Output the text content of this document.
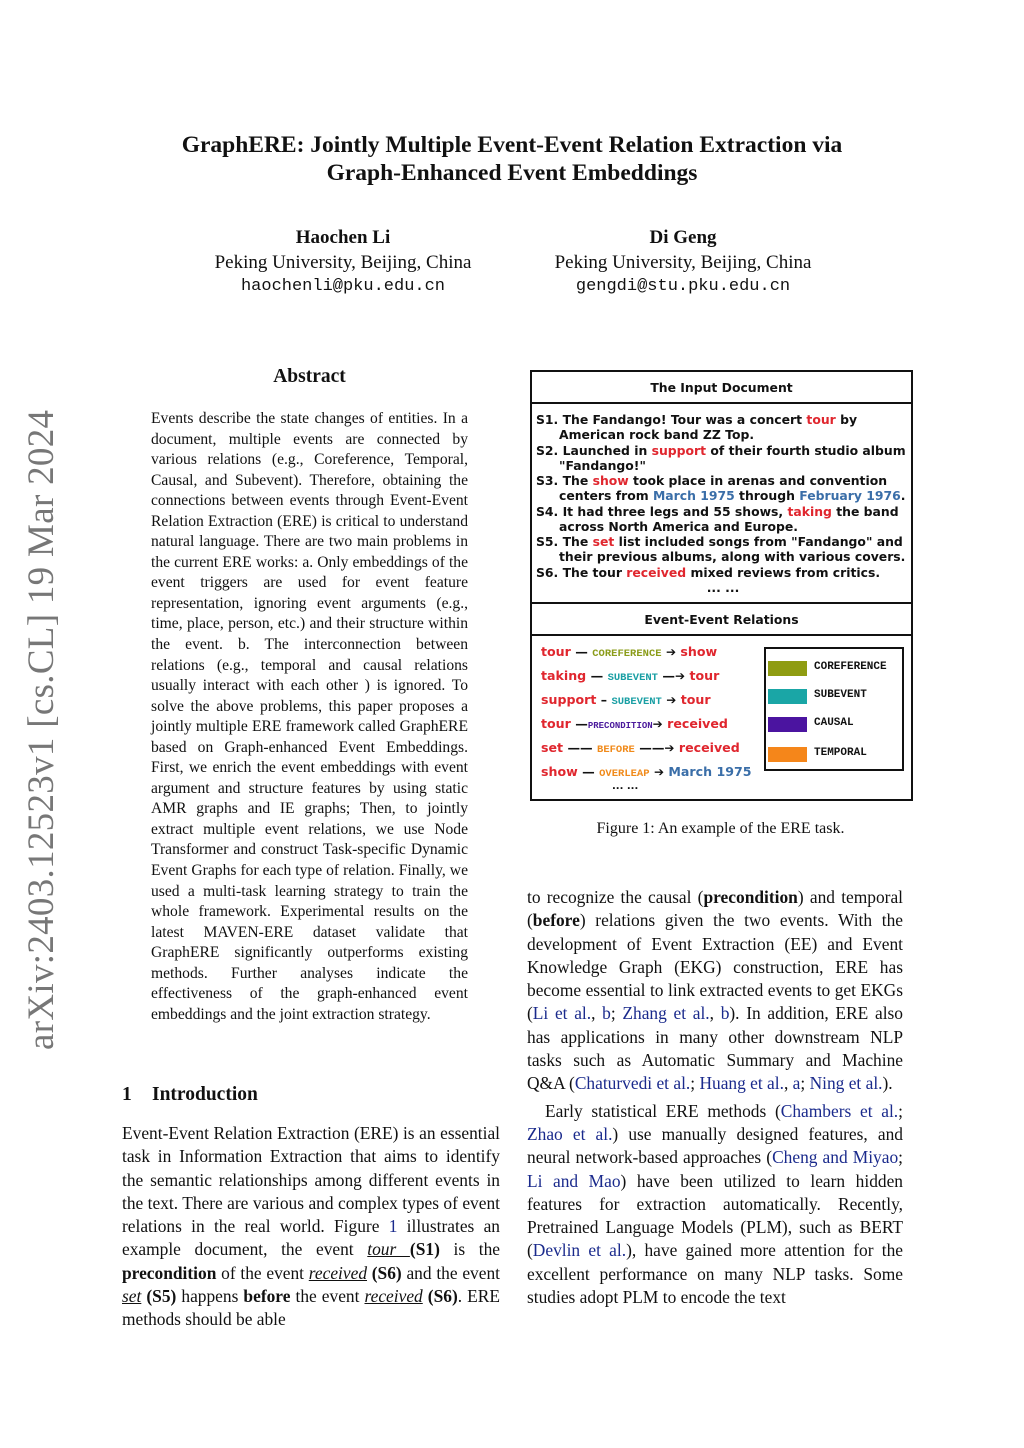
arXiv:2403.12523v1 [cs.CL] 19 Mar 2024
GraphERE: Jointly Multiple Event-Event Relation Extraction via
Graph-Enhanced Event Embeddings
Haochen Li
Peking University, Beijing, China
haochenli@pku.edu.cn
Di Geng
Peking University, Beijing, China
gengdi@stu.pku.edu.cn
Abstract

Events describe the state changes of entities. In a document, multiple events are connected by various relations (e.g., Coreference, Temporal, Causal, and Subevent). Therefore, obtaining the connections between events through Event-Event Relation Extraction (ERE) is critical to understand natural language. There are two main problems in the current ERE works: a. Only embeddings of the event triggers are used for event feature representation, ignoring event arguments (e.g., time, place, person, etc.) and their structure within the event. b. The interconnection between relations (e.g., temporal and causal relations usually interact with each other ) is ignored. To solve the above problems, this paper proposes a jointly multiple ERE framework called GraphERE based on Graph-enhanced Event Embeddings. First, we enrich the event embeddings with event argument and structure features by using static AMR graphs and IE graphs; Then, to jointly extract multiple event relations, we use Node Transformer and construct Task-specific Dynamic Event Graphs for each type of relation. Finally, we used a multi-task learning strategy to train the whole framework. Experimental results on the latest MAVEN-ERE dataset validate that GraphERE significantly outperforms existing methods. Further analyses indicate the effectiveness of the graph-enhanced event embeddings and the joint extraction strategy.

1 Introduction

Event-Event Relation Extraction (ERE) is an essential task in Information Extraction that aims to identify the semantic relationships among different events in the text. There are various and complex types of event relations in the real world. Figure 1 illustrates an example document, the event tour (S1) is the precondition of the event received (S6) and the event set (S5) happens before the event received (S6). ERE methods should be able

to recognize the causal (precondition) and temporal (before) relations given the two events. With the development of Event Extraction (EE) and Event Knowledge Graph (EKG) construction, ERE has become essential to link extracted events to get EKGs (Li et al., b; Zhang et al., b). In addition, ERE also has applications in many other downstream NLP tasks such as Automatic Summary and Machine Q&A (Chaturvedi et al.; Huang et al., a; Ning et al.).

Early statistical ERE methods (Chambers et al.; Zhao et al.) use manually designed features, and neural network-based approaches (Cheng and Miyao; Li and Mao) have been utilized to learn hidden features for extraction automatically. Recently, Pretrained Language Models (PLM), such as BERT (Devlin et al.), have gained more attention for the excellent performance on many NLP tasks. Some studies adopt PLM to encode the text

The Input Document
S1. The Fandango! Tour was a concert tour by American rock band ZZ Top.
S2. Launched in support of their fourth studio album "Fandango!"
S3. The show took place in arenas and convention centers from March 1975 through February 1976.
S4. It had three legs and 55 shows, taking the band across North America and Europe.
S5. The set list included songs from "Fandango" and their previous albums, along with various covers.
S6. The tour received mixed reviews from critics.
... ...
Event-Event Relations
tour — COREFERENCE ➔ show
taking — SUBEVENT —➔ tour
support – SUBEVENT ➔ tour
tour —PRECONDITION➔ received
set —— BEFORE ——➔ received
show — OVERLEAP ➔ March 1975
... ...
COREFERENCE
SUBEVENT
CAUSAL
TEMPORAL
Figure 1: An example of the ERE task.
